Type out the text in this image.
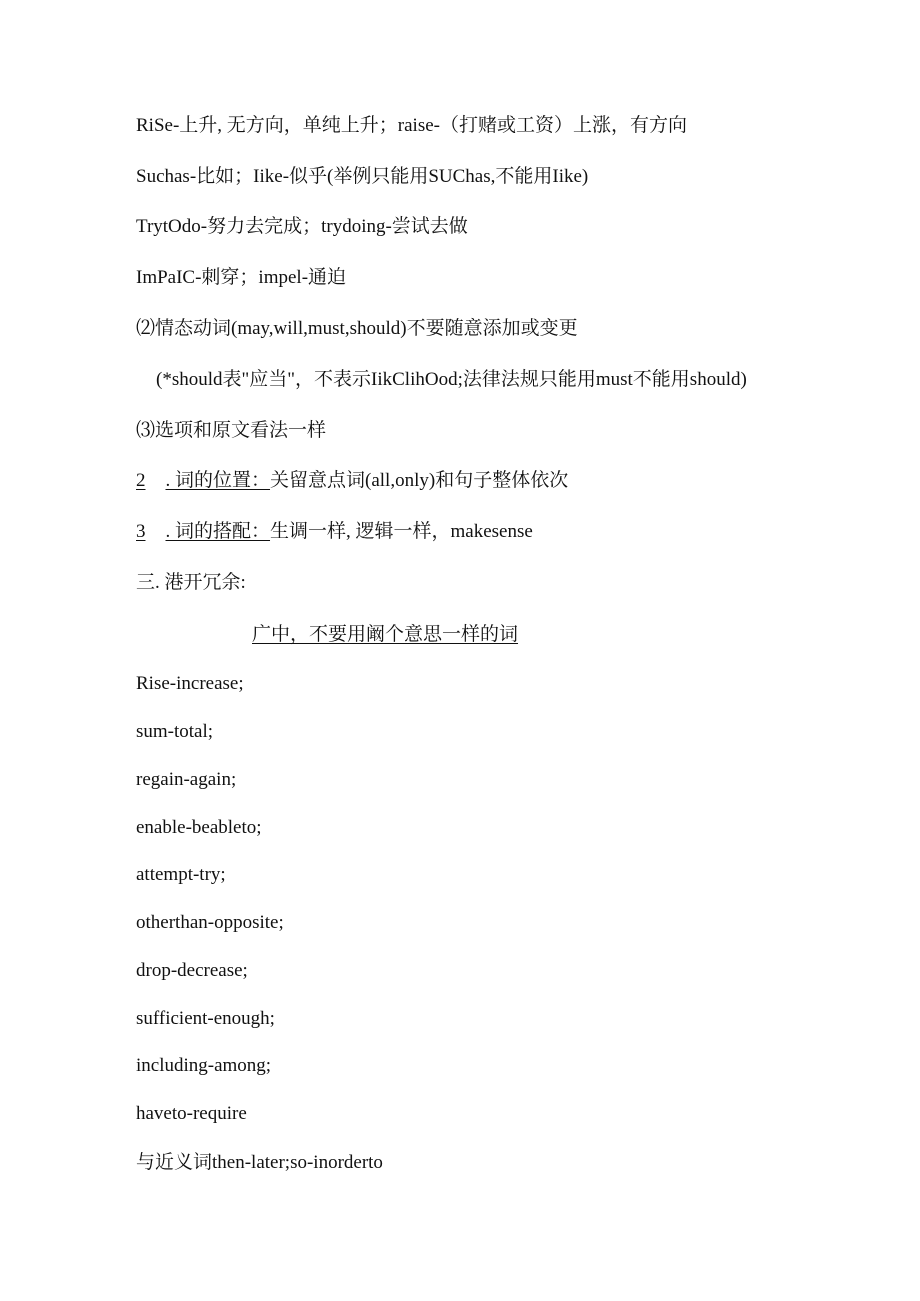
RiSe-上升, 无方向，单纯上升；raise-（打赌或工资）上涨，有方向
Suchas-比如；Iike-似乎(举例只能用SUChas,不能用Iike)
TrytOdo-努力去完成；trydoing-尝试去做
ImPaIC-刺穿；impel-通迫
⑵情态动词(may,will,must,should)不要随意添加或变更
(*should表"应当"，不表示IikClihOod;法律法规只能用must不能用should)
⑶选项和原文看法一样
2 . 词的位置：关留意点词(all,only)和句子整体依次
3 . 词的搭配：生调一样, 逻辑一样，makesense
三. 港开冗余:
广中，不要用阚个意思一样的词
Rise-increase;
sum-total;
regain-again;
enable-beableto;
attempt-try;
otherthan-opposite;
drop-decrease;
sufficient-enough;
including-among;
haveto-require
与近义词then-later;so-inorderto
